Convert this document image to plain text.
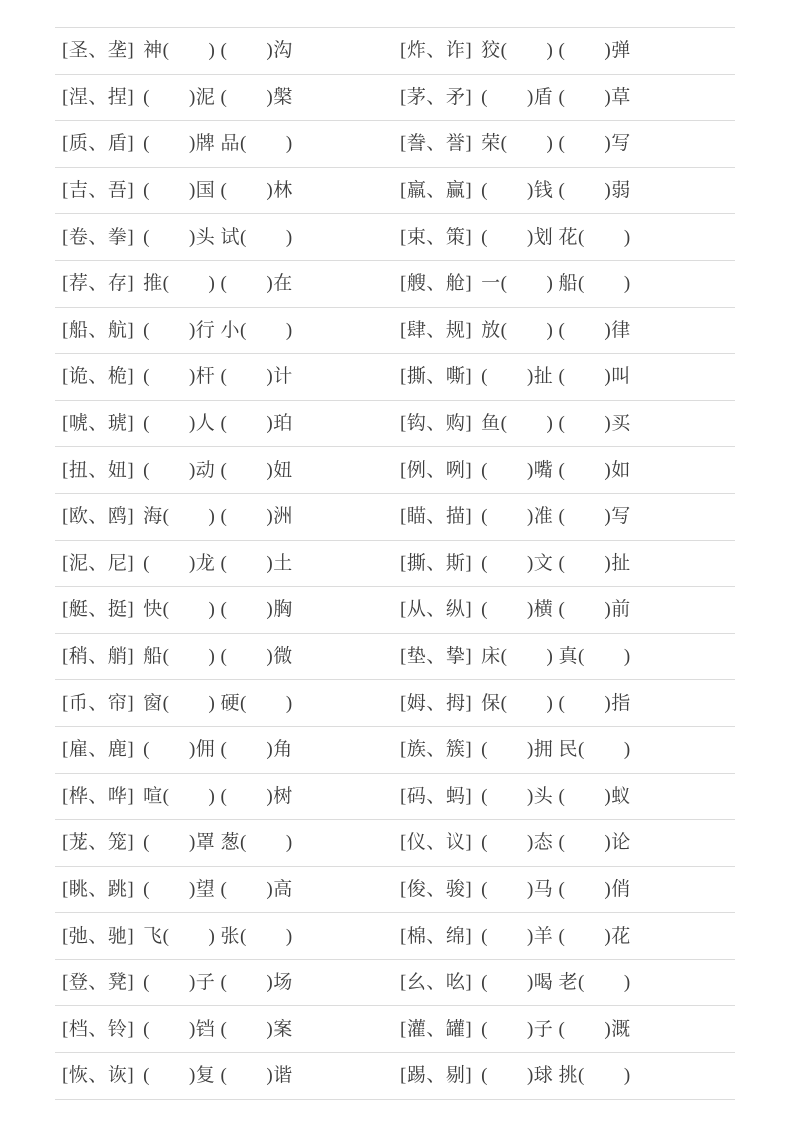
[圣、垄] 神(　　) (　　)沟	[炸、诈] 狡(　　) (　　)弹
[涅、捏] (　　)泥 (　　)槃	[茅、矛] (　　)盾 (　　)草
[质、盾] (　　)牌 品(　　)	[誊、誉] 荣(　　) (　　)写
[吉、吾] (　　)国 (　　)林	[羸、赢] (　　)钱 (　　)弱
[卷、拳] (　　)头 试(　　)	[束、策] (　　)划 花(　　)
[荐、存] 推(　　) (　　)在	[艘、舱] 一(　　) 船(　　)
[船、航] (　　)行 小(　　)	[肆、规] 放(　　) (　　)律
[诡、桅] (　　)杆 (　　)计	[撕、嘶] (　　)扯 (　　)叫
[唬、琥] (　　)人 (　　)珀	[钩、购] 鱼(　　) (　　)买
[扭、妞] (　　)动 (　　)妞	[例、咧] (　　)嘴 (　　)如
[欧、鸥] 海(　　) (　　)洲	[瞄、描] (　　)准 (　　)写
[泥、尼] (　　)龙 (　　)土	[撕、斯] (　　)文 (　　)扯
[艇、挺] 快(　　) (　　)胸	[从、纵] (　　)横 (　　)前
[稍、艄] 船(　　) (　　)微	[垫、挚] 床(　　) 真(　　)
[币、帘] 窗(　　) 硬(　　)	[姆、拇] 保(　　) (　　)指
[雇、鹿] (　　)佣 (　　)角	[族、簇] (　　)拥 民(　　)
[桦、哗] 喧(　　) (　　)树	[码、蚂] (　　)头 (　　)蚁
[茏、笼] (　　)罩 葱(　　)	[仪、议] (　　)态 (　　)论
[眺、跳] (　　)望 (　　)高	[俊、骏] (　　)马 (　　)俏
[弛、驰] 飞(　　) 张(　　)	[棉、绵] (　　)羊 (　　)花
[登、凳] (　　)子 (　　)场	[幺、吆] (　　)喝 老(　　)
[档、铃] (　　)铛 (　　)案	[灌、罐] (　　)子 (　　)溉
[恢、诙] (　　)复 (　　)谐	[踢、剔] (　　)球 挑(　　)
